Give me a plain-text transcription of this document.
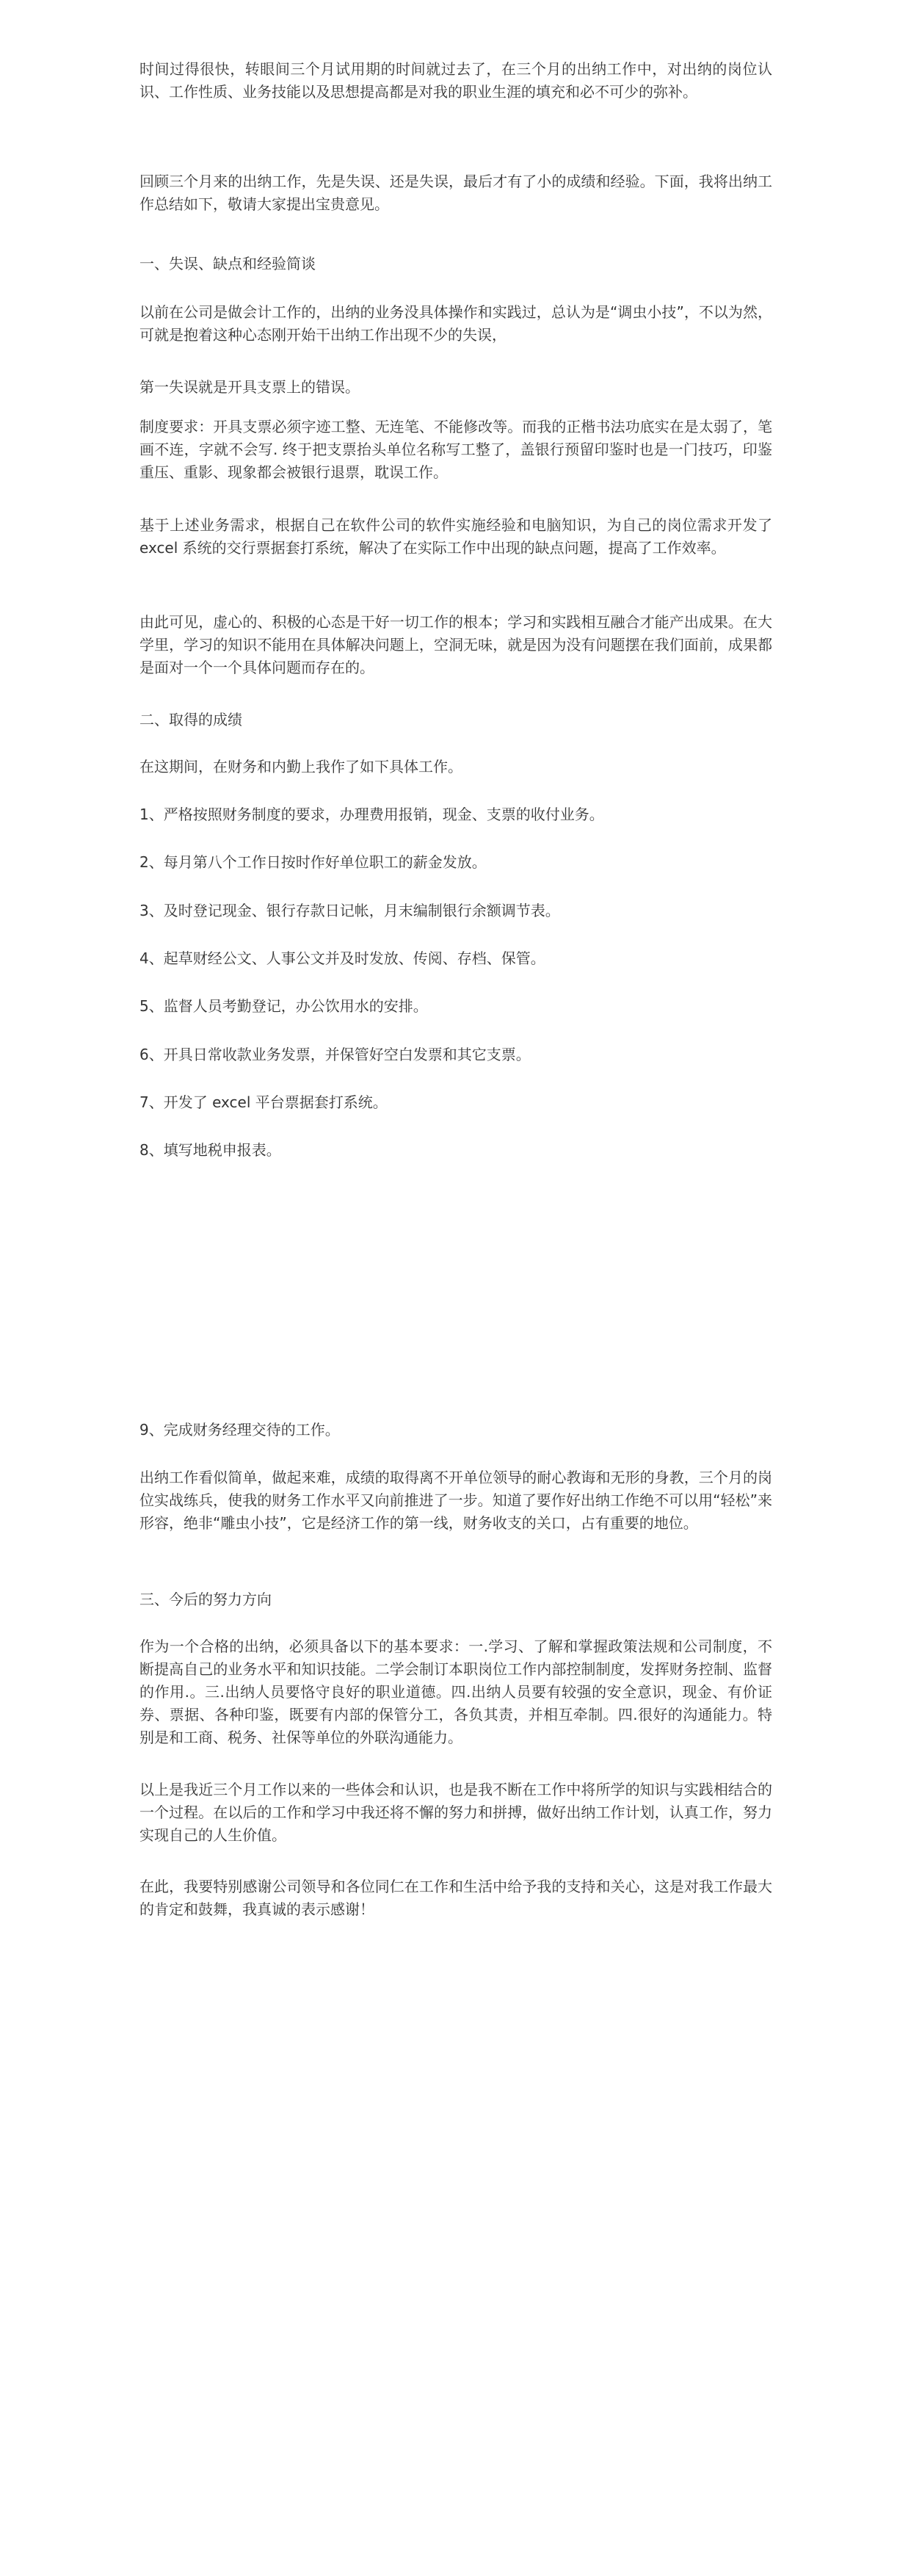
时间过得很快，转眼间三个月试用期的时间就过去了，在三个月的出纳工作中，对出纳的岗位认识、工作性质、业务技能以及思想提高都是对我的职业生涯的填充和必不可少的弥补。

回顾三个月来的出纳工作，先是失误、还是失误，最后才有了小的成绩和经验。下面，我将出纳工作总结如下，敬请大家提出宝贵意见。

一、失误、缺点和经验简谈

以前在公司是做会计工作的，出纳的业务没具体操作和实践过，总认为是“调虫小技”，不以为然，可就是抱着这种心态刚开始干出纳工作出现不少的失误，

第一失误就是开具支票上的错误。

制度要求：开具支票必须字迹工整、无连笔、不能修改等。而我的正楷书法功底实在是太弱了，笔画不连，字就不会写. 终于把支票抬头单位名称写工整了，盖银行预留印鉴时也是一门技巧，印鉴重压、重影、现象都会被银行退票，耽误工作。

基于上述业务需求，根据自己在软件公司的软件实施经验和电脑知识，为自己的岗位需求开发了 excel 系统的交行票据套打系统，解决了在实际工作中出现的缺点问题，提高了工作效率。

由此可见，虚心的、积极的心态是干好一切工作的根本；学习和实践相互融合才能产出成果。在大学里，学习的知识不能用在具体解决问题上，空洞无味，就是因为没有问题摆在我们面前，成果都是面对一个一个具体问题而存在的。

二、取得的成绩

在这期间，在财务和内勤上我作了如下具体工作。

1、严格按照财务制度的要求，办理费用报销，现金、支票的收付业务。

2、每月第八个工作日按时作好单位职工的薪金发放。

3、及时登记现金、银行存款日记帐，月末编制银行余额调节表。

4、起草财经公文、人事公文并及时发放、传阅、存档、保管。

5、监督人员考勤登记，办公饮用水的安排。

6、开具日常收款业务发票，并保管好空白发票和其它支票。

7、开发了 excel 平台票据套打系统。

8、填写地税申报表。

9、完成财务经理交待的工作。

出纳工作看似简单，做起来难，成绩的取得离不开单位领导的耐心教诲和无形的身教，三个月的岗位实战练兵，使我的财务工作水平又向前推进了一步。知道了要作好出纳工作绝不可以用“轻松”来形容，绝非“雕虫小技”，它是经济工作的第一线，财务收支的关口，占有重要的地位。

三、今后的努力方向

作为一个合格的出纳，必须具备以下的基本要求：一.学习、了解和掌握政策法规和公司制度，不断提高自己的业务水平和知识技能。二学会制订本职岗位工作内部控制制度，发挥财务控制、监督的作用.。三.出纳人员要恪守良好的职业道德。四.出纳人员要有较强的安全意识，现金、有价证券、票据、各种印鉴，既要有内部的保管分工，各负其责，并相互牵制。四.很好的沟通能力。特别是和工商、税务、社保等单位的外联沟通能力。

以上是我近三个月工作以来的一些体会和认识，也是我不断在工作中将所学的知识与实践相结合的一个过程。在以后的工作和学习中我还将不懈的努力和拼搏，做好出纳工作计划，认真工作，努力实现自己的人生价值。

在此，我要特别感谢公司领导和各位同仁在工作和生活中给予我的支持和关心，这是对我工作最大的肯定和鼓舞，我真诚的表示感谢！
